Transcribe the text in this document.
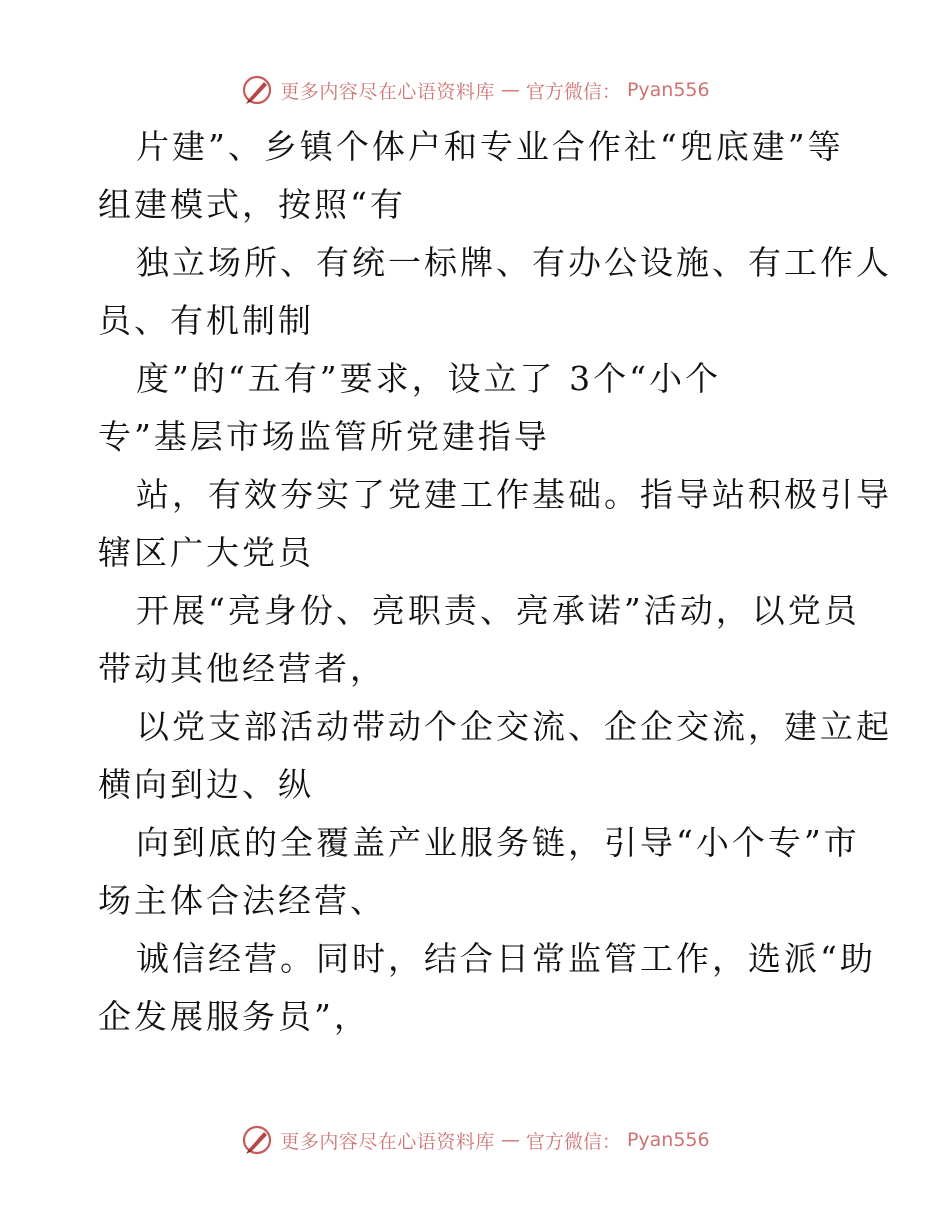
更多内容尽在心语资料库 — 官方微信： Pyan556
片建”、乡镇个体户和专业合作社“兜底建”等
组建模式，按照“有
独立场所、有统一标牌、有办公设施、有工作人
员、有机制制
度”的“五有”要求，设立了 3个“小个
专”基层市场监管所党建指导
站，有效夯实了党建工作基础。指导站积极引导
辖区广大党员
开展“亮身份、亮职责、亮承诺”活动，以党员
带动其他经营者，
以党支部活动带动个企交流、企企交流，建立起
横向到边、纵
向到底的全覆盖产业服务链，引导“小个专”市
场主体合法经营、
诚信经营。同时，结合日常监管工作，选派“助
企发展服务员”，
更多内容尽在心语资料库 — 官方微信： Pyan556
